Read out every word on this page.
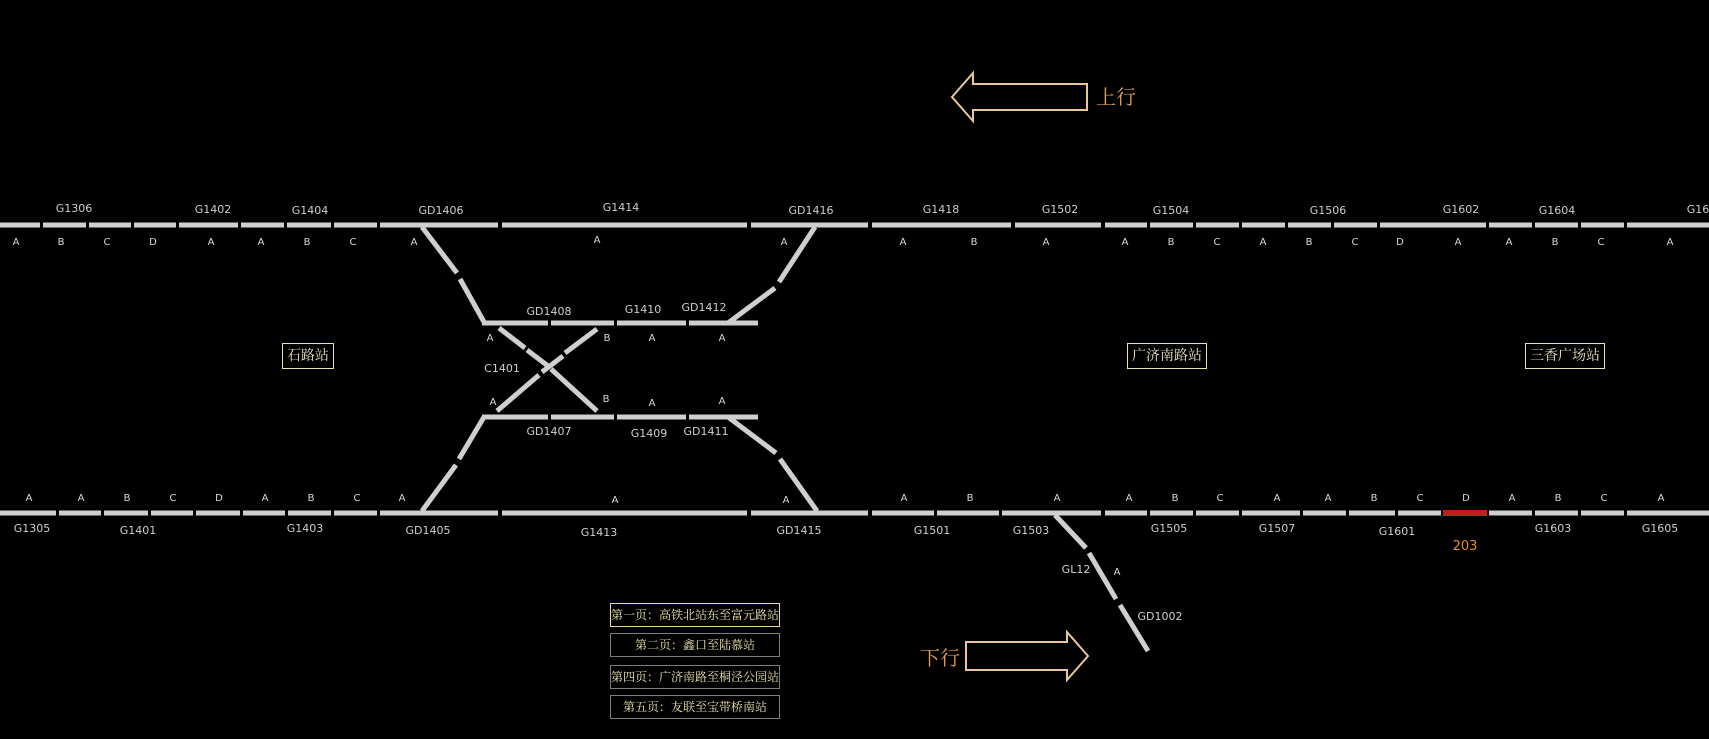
G1306	G1402	G1404	GD1406	G1414	GD1416	G1418	G1502	G1504	G1506	G1602	G1604	G16
A	B	C	D	A	A	B	C	A	A	A	A	B	A	A	B	C	A	B	C	D	A	A	B	C	A
A	A	B	C	D	A	B	C	A	A	A	A	B	A	A	B	C	A	A	B	C	D	A	B	C	A
G1305	G1401	G1403	GD1405	G1413	GD1415	G1501	G1503	G1505	G1507	G1601	G1603	G1605
GD1408	G1410 GD1412
A	B	A	A
C1401
A	B	A	A
GD1407	G1409 GD1411
GL12 A
GD1002
石路站	广济南路站	三香广场站
上行
下行
203
第一页：高铁北站东至富元路站
第二页：鑫口至陆慕站
第四页：广济南路至桐泾公园站
第五页：友联至宝带桥南站
